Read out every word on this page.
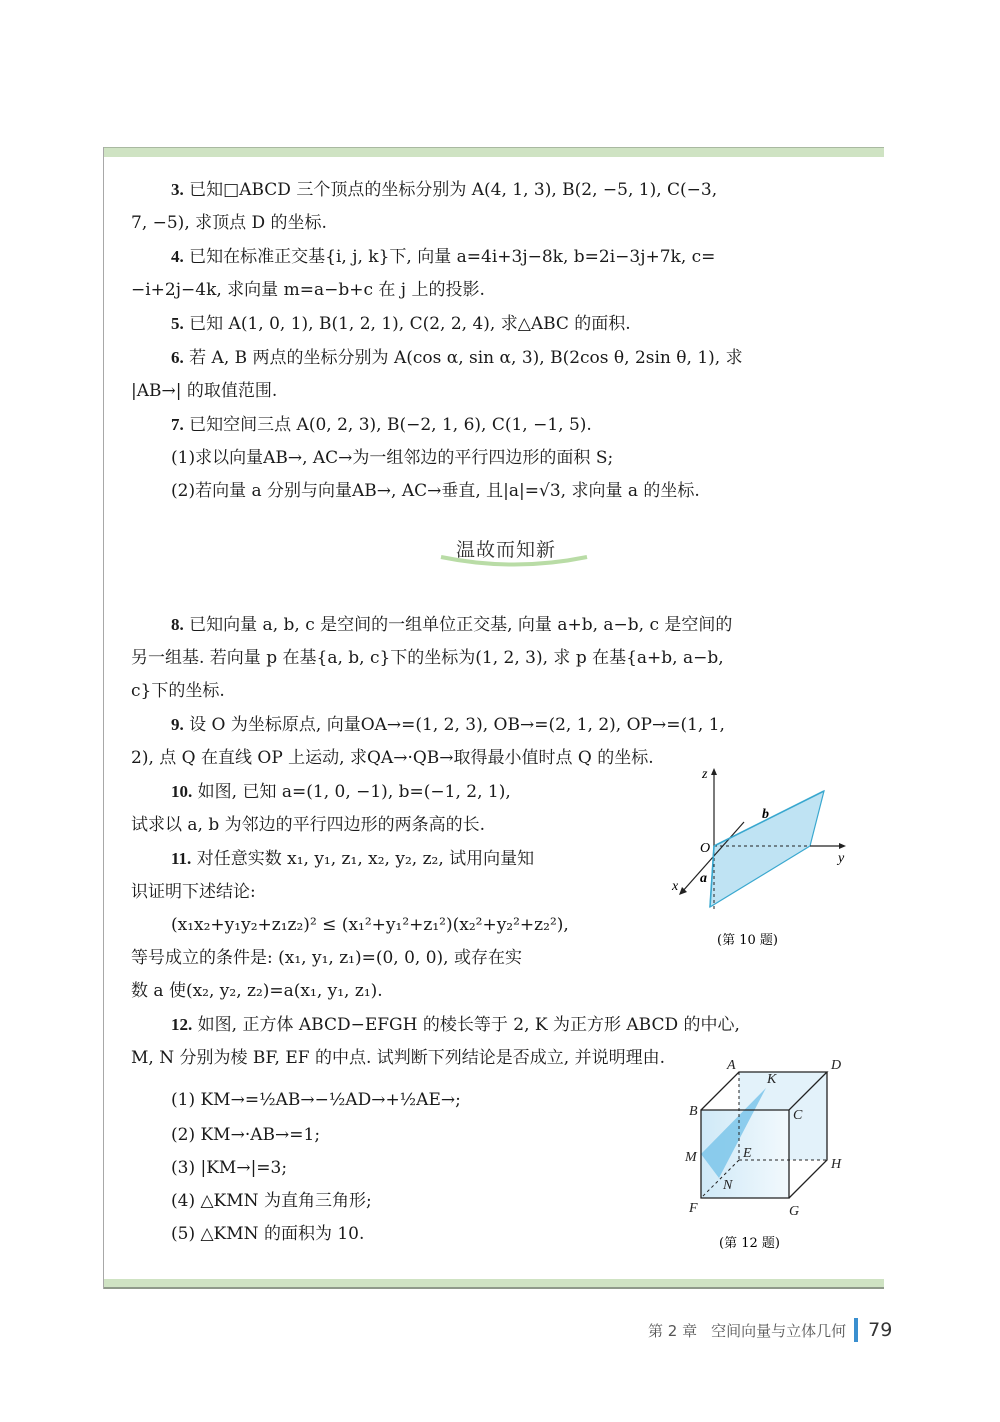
3. 已知□ABCD 三个顶点的坐标分别为 A(4, 1, 3), B(2, −5, 1), C(−3,

7, −5), 求顶点 D 的坐标.

4. 已知在标准正交基{i, j, k}下, 向量 a=4i+3j−8k, b=2i−3j+7k, c=

−i+2j−4k, 求向量 m=a−b+c 在 j 上的投影.

5. 已知 A(1, 0, 1), B(1, 2, 1), C(2, 2, 4), 求△ABC 的面积.

6. 若 A, B 两点的坐标分别为 A(cos α, sin α, 3), B(2cos θ, 2sin θ, 1), 求

|AB→| 的取值范围.

7. 已知空间三点 A(0, 2, 3), B(−2, 1, 6), C(1, −1, 5).

(1)求以向量AB→, AC→为一组邻边的平行四边形的面积 S;

(2)若向量 a 分别与向量AB→, AC→垂直, 且|a|=√3, 求向量 a 的坐标.

温故而知新

8. 已知向量 a, b, c 是空间的一组单位正交基, 向量 a+b, a−b, c 是空间的

另一组基. 若向量 p 在基{a, b, c}下的坐标为(1, 2, 3), 求 p 在基{a+b, a−b,

c}下的坐标.

9. 设 O 为坐标原点, 向量OA→=(1, 2, 3), OB→=(2, 1, 2), OP→=(1, 1,

2), 点 Q 在直线 OP 上运动, 求QA→·QB→取得最小值时点 Q 的坐标.

10. 如图, 已知 a=(1, 0, −1), b=(−1, 2, 1),

试求以 a, b 为邻边的平行四边形的两条高的长.

11. 对任意实数 x₁, y₁, z₁, x₂, y₂, z₂, 试用向量知

识证明下述结论:

(x₁x₂+y₁y₂+z₁z₂)² ≤ (x₁²+y₁²+z₁²)(x₂²+y₂²+z₂²),

等号成立的条件是: (x₁, y₁, z₁)=(0, 0, 0), 或存在实

数 a 使(x₂, y₂, z₂)=a(x₁, y₁, z₁).

12. 如图, 正方体 ABCD−EFGH 的棱长等于 2, K 为正方形 ABCD 的中心,

M, N 分别为棱 BF, EF 的中点. 试判断下列结论是否成立, 并说明理由.

(1) KM→=½AB→−½AD→+½AE→;

(2) KM→·AB→=1;

(3) |KM→|=3;

(4) △KMN 为直角三角形;

(5) △KMN 的面积为 10.

z
y
x
O
a
b
(第 10 题)
A	D
K
B	C
M	E
H
N
F	G
(第 12 题)
第 2 章 空间向量与立体几何 79
